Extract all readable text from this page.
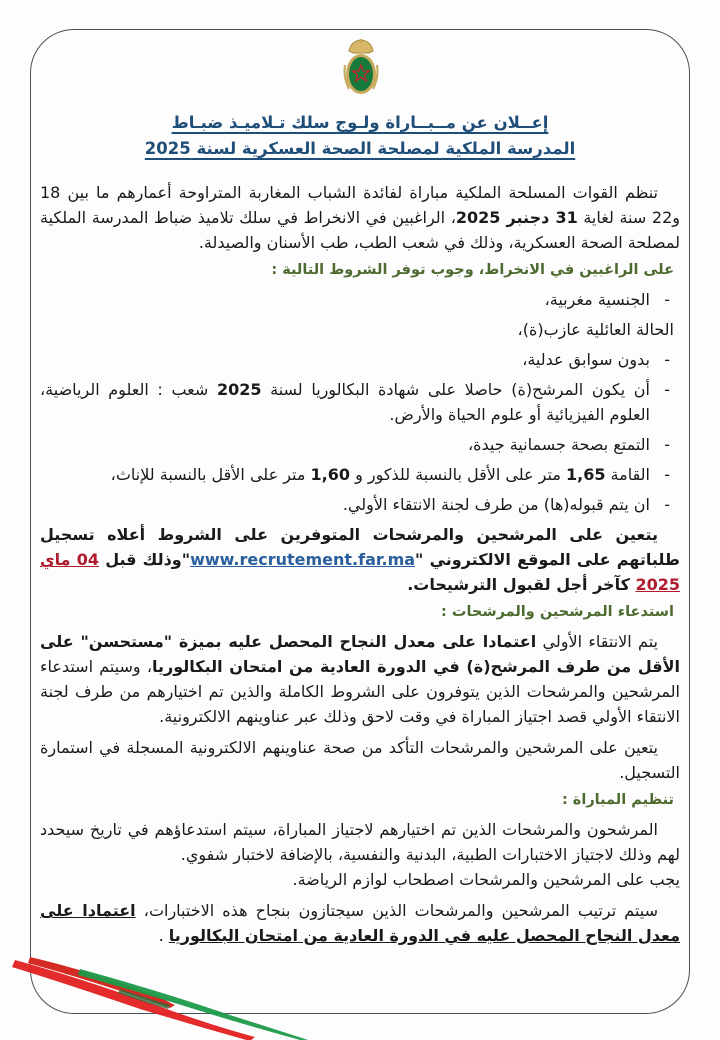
إعــلان عن مــبــاراة ولـوج سلك تـلاميـذ ضبـاط
المدرسة الملكية لمصلحة الصحة العسكرية لسنة 2025

تنظم القوات المسلحة الملكية مباراة لفائدة الشباب المغاربة المتراوحة أعمارهم ما بين 18 و22 سنة لغاية 31 دجنبر 2025، الراغبين في الانخراط في سلك تلاميذ ضباط المدرسة الملكية لمصلحة الصحة العسكرية، وذلك في شعب الطب، طب الأسنان والصيدلة.

على الراغبين في الانخراط، وجوب توفر الشروط التالية :

-
الجنسية مغربية،
الحالة العائلية عازب(ة)،
-
بدون سوابق عدلية،
-
أن يكون المرشح(ة) حاصلا على شهادة البكالوريا لسنة 2025 شعب : العلوم الرياضية، العلوم الفيزيائية أو علوم الحياة والأرض.
-
التمتع بصحة جسمانية جيدة،
-
القامة 1,65 متر على الأقل بالنسبة للذكور و 1,60 متر على الأقل بالنسبة للإناث،
-
ان يتم قبوله(ها) من طرف لجنة الانتقاء الأولي.

يتعين على المرشحين والمرشحات المتوفرين على الشروط أعلاه تسجيل طلباتهم على الموقع الالكتروني "www.recrutement.far.ma"وذلك قبل 04 ماي 2025 كآخر أجل لقبول الترشيحات.

استدعاء المرشحين والمرشحات :

يتم الانتقاء الأولي اعتمادا على معدل النجاح المحصل عليه بميزة "مستحسن" على الأقل من طرف المرشح(ة) في الدورة العادية من امتحان البكالوريا، وسيتم استدعاء المرشحين والمرشحات الذين يتوفرون على الشروط الكاملة والذين تم اختيارهم من طرف لجنة الانتقاء الأولي قصد اجتياز المباراة في وقت لاحق وذلك عبر عناوينهم الالكترونية.

يتعين على المرشحين والمرشحات التأكد من صحة عناوينهم الالكترونية المسجلة في استمارة التسجيل.

تنظيم المباراة :

المرشحون والمرشحات الذين تم اختيارهم لاجتياز المباراة، سيتم استدعاؤهم في تاريخ سيحدد لهم وذلك لاجتياز الاختبارات الطبية، البدنية والنفسية، بالإضافة لاختبار شفوي.

يجب على المرشحين والمرشحات اصطحاب لوازم الرياضة.

سيتم ترتيب المرشحين والمرشحات الذين سيجتازون بنجاح هذه الاختبارات، اعتمادا على معدل النجاح المحصل عليه في الدورة العادية من امتحان البكالوريا .
